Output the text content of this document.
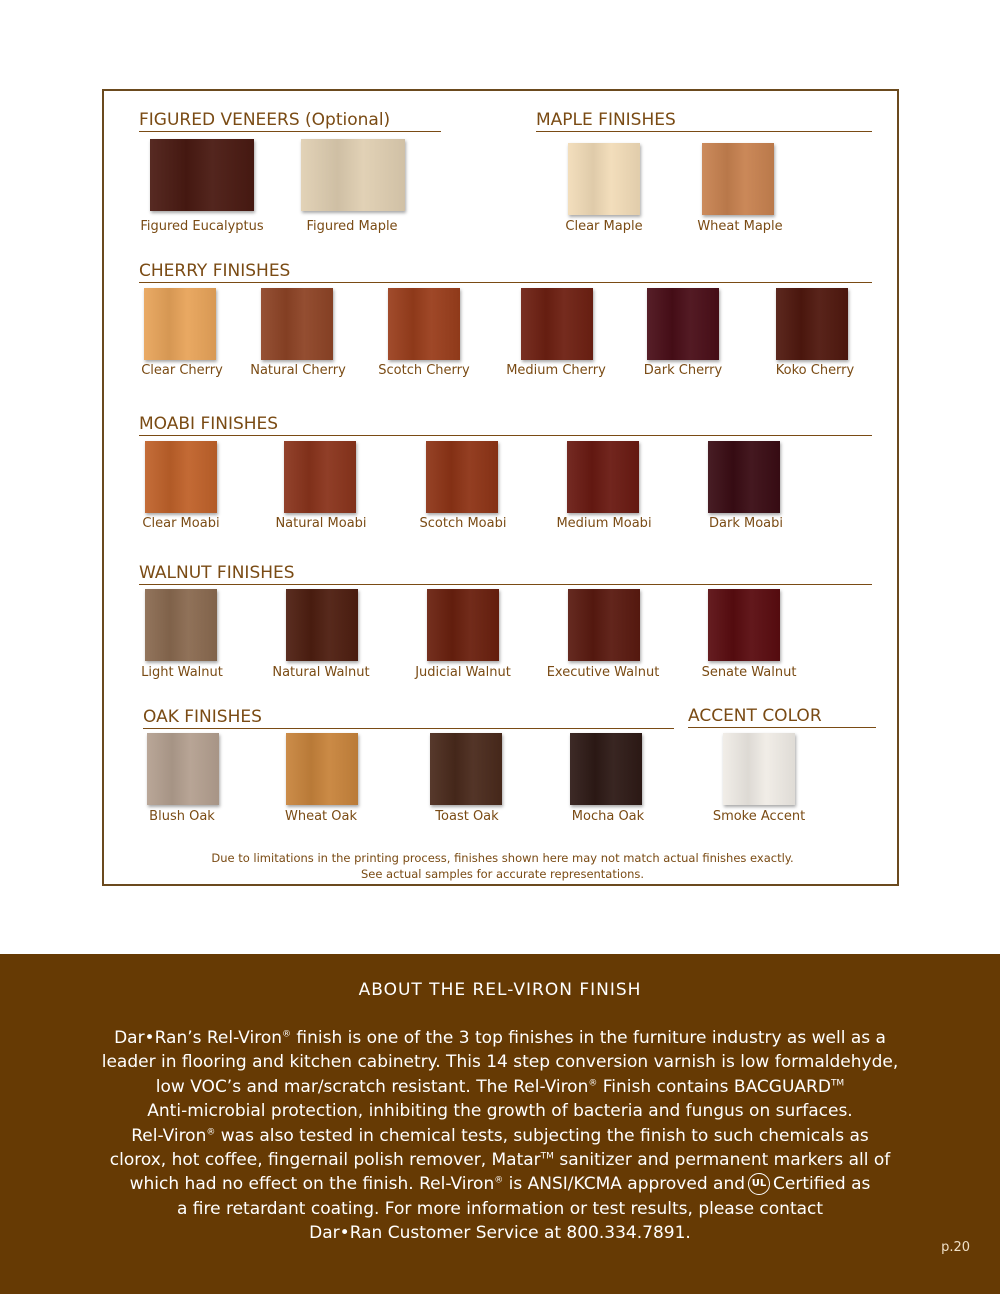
FIGURED VENEERS (Optional)
Figured Eucalyptus	Figured Maple
MAPLE FINISHES
Clear Maple	Wheat Maple
CHERRY FINISHES
Clear Cherry	Natural Cherry	Scotch Cherry	Medium Cherry	Dark Cherry	Koko Cherry
MOABI FINISHES
Clear Moabi	Natural Moabi	Scotch Moabi	Medium Moabi	Dark Moabi
WALNUT FINISHES
Light Walnut	Natural Walnut	Judicial Walnut	Executive Walnut	Senate Walnut
OAK FINISHES
Blush Oak	Wheat Oak	Toast Oak	Mocha Oak
ACCENT COLOR
Smoke Accent
Due to limitations in the printing process, finishes shown here may not match actual finishes exactly.
See actual samples for accurate representations.
ABOUT THE REL-VIRON FINISH
Dar•Ran’s Rel-Viron® finish is one of the 3 top finishes in the furniture industry as well as a
leader in flooring and kitchen cabinetry. This 14 step conversion varnish is low formaldehyde,
low VOC’s and mar/scratch resistant. The Rel-Viron® Finish contains BACGUARD™
Anti-microbial protection, inhibiting the growth of bacteria and fungus on surfaces.
Rel-Viron® was also tested in chemical tests, subjecting the finish to such chemicals as
clorox, hot coffee, fingernail polish remover, Matar™ sanitizer and permanent markers all of
which had no effect on the finish. Rel-Viron® is ANSI/KCMA approved and UL Certified as
a fire retardant coating. For more information or test results, please contact
Dar•Ran Customer Service at 800.334.7891.
p.20
